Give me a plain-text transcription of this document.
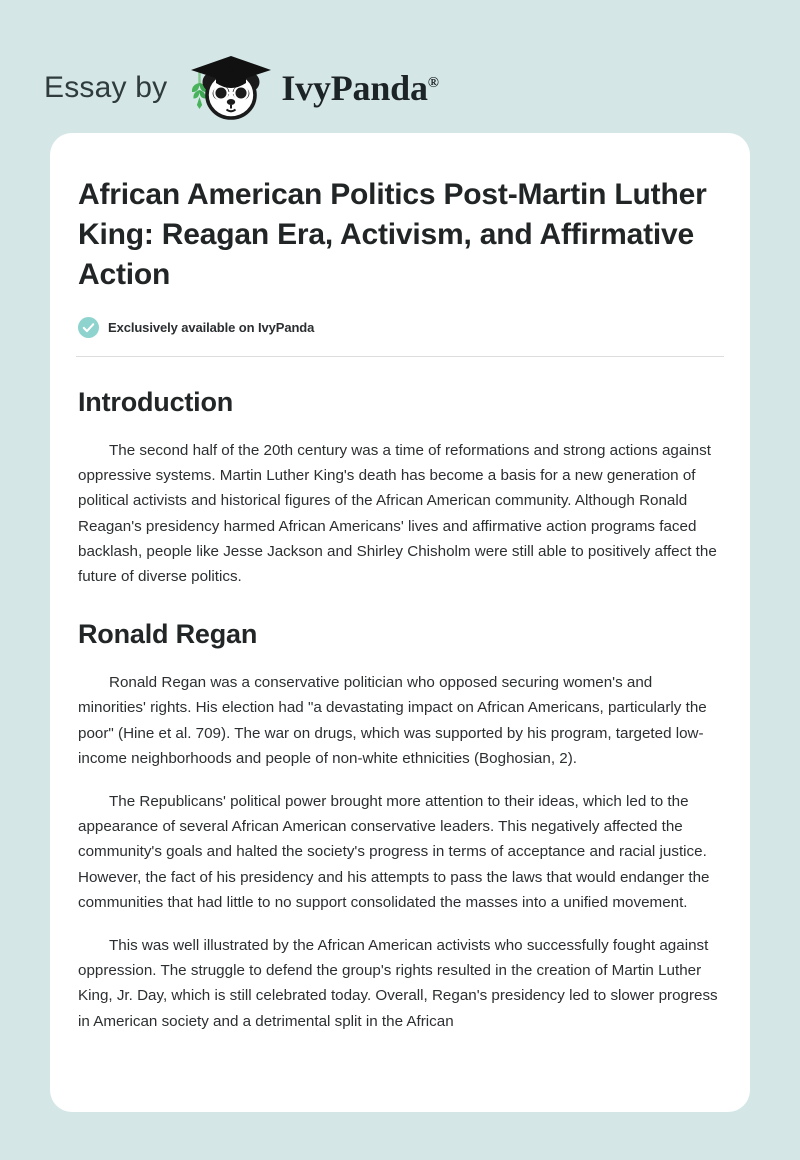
Essay by	IvyPanda®
African American Politics Post-Martin Luther King: Reagan Era, Activism, and Affirmative Action
Exclusively available on IvyPanda
Introduction

The second half of the 20th century was a time of reformations and strong actions against oppressive systems. Martin Luther King's death has become a basis for a new generation of political activists and historical figures of the African American community. Although Ronald Reagan's presidency harmed African Americans' lives and affirmative action programs faced backlash, people like Jesse Jackson and Shirley Chisholm were still able to positively affect the future of diverse politics.

Ronald Regan

Ronald Regan was a conservative politician who opposed securing women's and minorities' rights. His election had "a devastating impact on African Americans, particularly the poor" (Hine et al. 709). The war on drugs, which was supported by his program, targeted low-income neighborhoods and people of non-white ethnicities (Boghosian, 2).

The Republicans' political power brought more attention to their ideas, which led to the appearance of several African American conservative leaders. This negatively affected the community's goals and halted the society's progress in terms of acceptance and racial justice. However, the fact of his presidency and his attempts to pass the laws that would endanger the communities that had little to no support consolidated the masses into a unified movement.

This was well illustrated by the African American activists who successfully fought against oppression. The struggle to defend the group's rights resulted in the creation of Martin Luther King, Jr. Day, which is still celebrated today. Overall, Regan's presidency led to slower progress in American society and a detrimental split in the African
